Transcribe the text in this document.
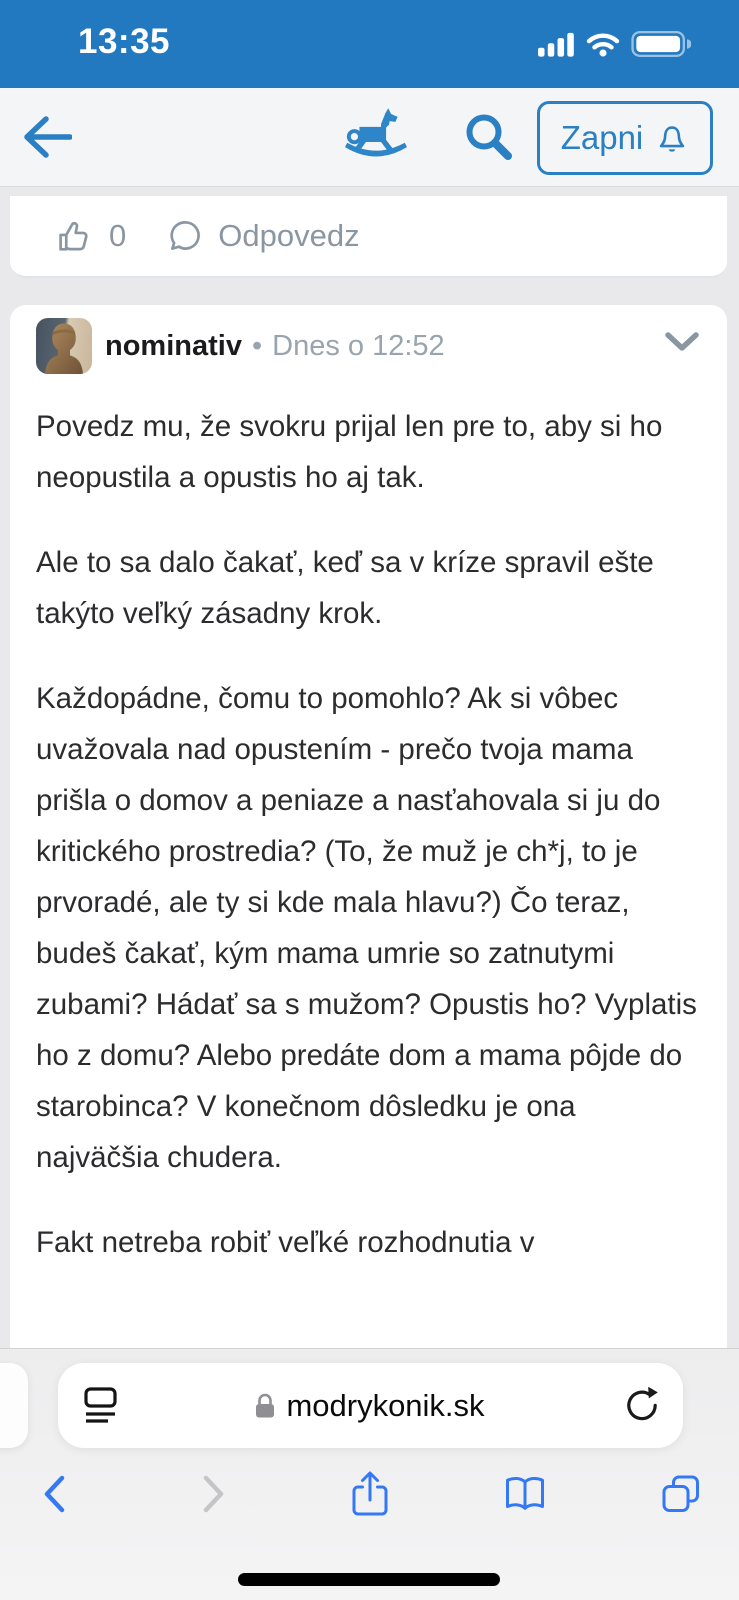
13:35
Zapni
0	Odpovedz
nominativ • Dnes o 12:52

Povedz mu, že svokru prijal len pre to, aby si ho neopustila a opustis ho aj tak.

Ale to sa dalo čakať, keď sa v kríze spravil ešte takýto veľký zásadny krok.

Každopádne, čomu to pomohlo? Ak si vôbec uvažovala nad opustením - prečo tvoja mama prišla o domov a peniaze a nasťahovala si ju do kritického prostredia? (To, že muž je ch*j, to je prvoradé, ale ty si kde mala hlavu?) Čo teraz, budeš čakať, kým mama umrie so zatnutymi zubami? Hádať sa s mužom? Opustis ho? Vyplatis ho z domu? Alebo predáte dom a mama pôjde do starobinca? V konečnom dôsledku je ona najväčšia chudera.

Fakt netreba robiť veľké rozhodnutia v

modrykonik.sk
